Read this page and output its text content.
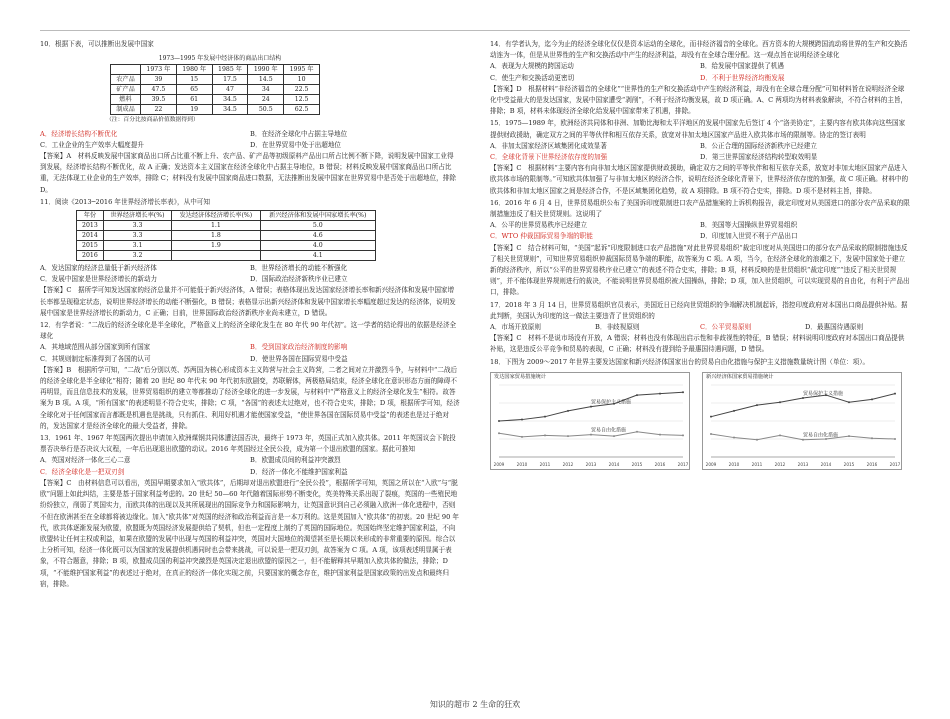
10．根据下表，可以推断出发展中国家

1973—1995 年发展中经济体的商品出口结构

	1973 年	1980 年	1985 年	1990 年	1995 年
农产品	39	15	17.5	14.5	10
矿产品	47.5	65	47	34	22.5
燃料	39.5	61	34.5	24	12.5
制成品	22	19	34.5	50.5	62.5

（注：百分比按商品价值数据得到）

A．经济增长结构不断优化	B．在经济全球化中占据主导地位
C．工业企业的生产效率大幅度提升	D．在世界贸易中处于出超地位

【答案】A　材料反映发展中国家商品出口所占比重不断上升、农产品、矿产品等初级原料产品出口所占比例不断下降，说明发展中国家工业得到发展，经济增长结构不断优化，故 A 正确；发达资本主义国家在经济全球化中占据主导地位，B 错误；材料反映发展中国家商品出口所占比重，无法体现工业企业的生产效率，排除 C；材料没有发展中国家商品进口数据，无法推断出发展中国家在世界贸易中是否处于出超地位，排除 D。

11．阅读《2013─2016 年世界经济增长率表》，从中可知

年份	世界经济增长率(%)	发达经济体经济增长率(%)	新兴经济体和发展中国家增长率(%)
2013	3.3	1.1	5.0
2014	3.3	1.8	4.6
2015	3.1	1.9	4.0
2016	3.2		4.1
A．发达国家的经济总量低于新兴经济体	B．世界经济增长的动能不断强化
C．发展中国家是世界经济增长的新动力	D．国际政治经济新秩序业已建立

【答案】C　据所学可知发达国家的经济总量并不可能低于新兴经济体，A 错误；表格体现出发达国家经济增长率和新兴经济体和发展中国家增长率都呈现稳定状态，说明世界经济增长的动能不断强化，B 错误；表格显示出新兴经济体和发展中国家增长率幅度超过发达的经济体，说明发展中国家是世界经济增长的新动力，C 正确；目前，世界国际政治经济新秩序业尚未建立，D 错误。

12．有学者说：“二战后的经济全球化是半全球化，严格意义上的经济全球化发生在 80 年代 90 年代初”。这一学者的结论得出的依据是经济全球化

A．其地域范围从部分国家到所有国家	B．受到国家政治经济制度的影响
C．其规则制定标准得到了各国的认可	D．使世界各国在国际贸易中受益

【答案】B　根据所学可知，“二战”后分别以英、苏两国为核心形成资本主义阵营与社会主义阵营，二者之间对立并激烈斗争，与材料中“二战后的经济全球化是半全球化”相符；随着 20 世纪 80 年代末 90 年代初东欧剧变，苏联解体，两极格局结束，经济全球化在意识形态方面的障碍不再明显，而且信息技术的发展，世界贸易组织的建立等都推动了经济全球化的进一步发展，与材料中“严格意义上的经济全球化发生”相符。故答案为 B 项。A 项，“所有国家”的表述明显不符合史实，排除；C 项，“各国”的表述太过绝对，也不符合史实，排除；D 项，根据所学可知，经济全球化对于任何国家而言都既是机遇也是挑战，只有抓住、利用好机遇才能使国家受益，“使世界各国在国际贸易中受益”的表述也是过于绝对的，发达国家才是经济全球化的最大受益者，排除。

13．1961 年、1967 年英国两次提出申请加入欧洲煤钢共同体遭法国否决，最终于 1973 年，英国正式加入欧共体。2011 年英国议会下院投票否决举行是否决议大议程，一年后出现退出欧盟的动议。2016 年英国经过全民公投，成为第一个退出欧盟的国家。据此可推知

A．英国对经济一体化三心二意	B．欧盟成员间的利益冲突激烈
C．经济全球化是一把双刃剑	D．经济一体化不能维护国家利益

【答案】C　由材料信息可以看出，英国早期要求加入“欧共体”，后期却对退出欧盟进行“全民公投”，根据所学可知，英国之所以在“入欧”与“脱欧”问题上如此纠结，主要是基于国家利益考虑的。20 世纪 50—60 年代随着国际形势不断变化，英美特殊关系出现了裂痕，英国的一些殖民地纷纷独立，削弱了英国实力，而欧共体的出现以及其所展现出的国际竞争力和国际影响力，让英国意识到自己必须融入欧洲一体化进程中，否则不但在欧洲甚至在全球都将被边缘化。加入“欧共体”对英国的经济和政治利益而言是一本万利的。这是英国加入“欧共体”的初衷。20 世纪 90 年代，欧共体逐渐发展为欧盟，欧盟既为英国经济发展提供给了契机，但也一定程度上制约了英国的国际地位。英国始终坚定维护国家利益，不向欧盟转让任何主权或利益，如果在欧盟的发展中出现与英国的利益冲突，英国对大国地位的渴望甚至是长期以来形成的非常重要的原因。综合以上分析可知，经济一体化既可以为国家的发展提供机遇同时也会带来挑战，可以说是一把双刃剑，故答案为 C 项。A 项，该项表述明显属于表象，不符合题意，排除；B 项，欧盟成员国的利益冲突激烈是英国决定退出欧盟的原因之一，但不能解释其早期加入欧共体的做法，排除；D 项，“不能维护国家利益”的表述过于绝对，在真正的经济一体化实现之前，只要国家的概念存在，维护国家利益是国家政策的出发点和最终归宿，排除。

14．有学者认为，迄今为止的经济全球化仅仅是资本运动的全球化，而非经济福音的全球化。西方资本的大规模跨国流动将世界的生产和交换活动连为一体，但是从世界性的生产和交换活动中产生的经济利益，却没有在全球合理分配。这一观点旨在说明经济全球化

A．表现为大规模的跨国运动	B．给发展中国家提供了机遇
C．使生产和交换活动更密切	D．不利于世界经济均衡发展

【答案】D　根据材料“非经济福音的全球化”“世界性的生产和交换活动中产生的经济利益，却没有在全球合理分配”可知材料旨在说明经济全球化中受益最大的是发达国家，发展中国家遭受“剥削”，不利于经济均衡发展，故 D 项正确。A、C 两项均为材料表象解读，不符合材料的主旨，排除；B 项，材料未体现经济全球化给发展中国家带来了机遇，排除。

15．1975—1989 年，欧洲经济共同体和非洲、加勒比海和太平洋地区的发展中国家先后签订 4 个“洛美协定”，主要内容有欧共体向这些国家提供财政援助，确定双方之间的平等伙伴和相互依存关系，放宽对非加太地区国家产品进入欧共体市场的限制等。协定的签订表明

A．非加太国家经济区域集团化成效显著	B．公正合理的国际经济新秩序已经建立
C．全球化背景下世界经济依存度的加强	D．第三世界国家经济结构转型取效明显

【答案】C　根据材料“主要内容有向非加太地区国家提供财政援助，确定双方之间的平等伙伴和相互依存关系，放宽对非加太地区国家产品进入欧共体市场的限制等。”可知欧共体加强了与非加太地区的经济合作，说明在经济全球化背景下，世界经济依存度的加强，故 C 项正确。材料中的欧共体和非加太地区国家之间是经济合作，不是区域集团化趋势，故 A 项排除。B 项不符合史实，排除。D 项不是材料主旨，排除。

16．2016 年 6 月 4 日，世界贸易组织公布了美国诉印度限制进口农产品措施案的上诉机构报告，裁定印度对从美国进口的部分农产品采取的限制措施违反了相关世贸规则。这说明了

A．公平的世界贸易秩序已经建立	B．美国等大国操纵世界贸易组织
C．WTO 仲裁国际贸易争端的职能	D．印度加入世贸不利于产品出口

【答案】C　结合材料可知，“美国”起诉“印度限制进口农产品措施”对此世界贸易组织“裁定印度对从美国进口的部分农产品采取的限制措施违反了相关世贸规则”，可知世界贸易组织仲裁国际贸易争端的职能，故答案为 C 项。A 项，当今，在经济全球化的浪潮之下，发展中国家处于建立新的经济秩序，所以“公平的世界贸易秩序业已建立”的表述不符合史实，排除；B 项，材料反映的是世贸组织“裁定印度”“违反了相关世贸规则”，并不能体现世界规则进行的裁决，不能说明世界贸易组织被大国操纵，排除；D 项，加入世贸组织，可以实现贸易的自由化，有利于产品出口，排除。

17．2018 年 3 月 14 日，世界贸易组织官员表示，美国近日已经向世贸组织的争端解决机制起诉，指控印度政府对本国出口商品提供补贴。据此判断，美国认为印度的这一做法主要违背了世贸组织的

A．市场开放原则	B．非歧视原则	C．公平贸易原则	D．最惠国待遇原则

【答案】C　材料不是说市场没有开放，A 错误；材料也没有体现出启示性和非歧视性的特征，B 错误；材料说明印度政府对本国出口商品提供补贴，这是违反公平竞争和贸易的表现，C 正确；材料没有提到给予最惠国待遇问题，D 错误。

18．下图为 2009～2017 年世界主要发达国家和新兴经济体国家出台的贸易自由化措施与保护主义措施数量统计图（单位：项）。

发达国家贸易措施统计
贸易保护主义措施
贸易自由化措施
2009	2010	2011	2012	2013	2014	2015	2016	2017
新兴经济体国家贸易措施统计
贸易保护主义措施
贸易自由化措施
2009	2010	2011	2012	2013	2014	2015	2016	2017
知识的超市 2 生命的狂欢
